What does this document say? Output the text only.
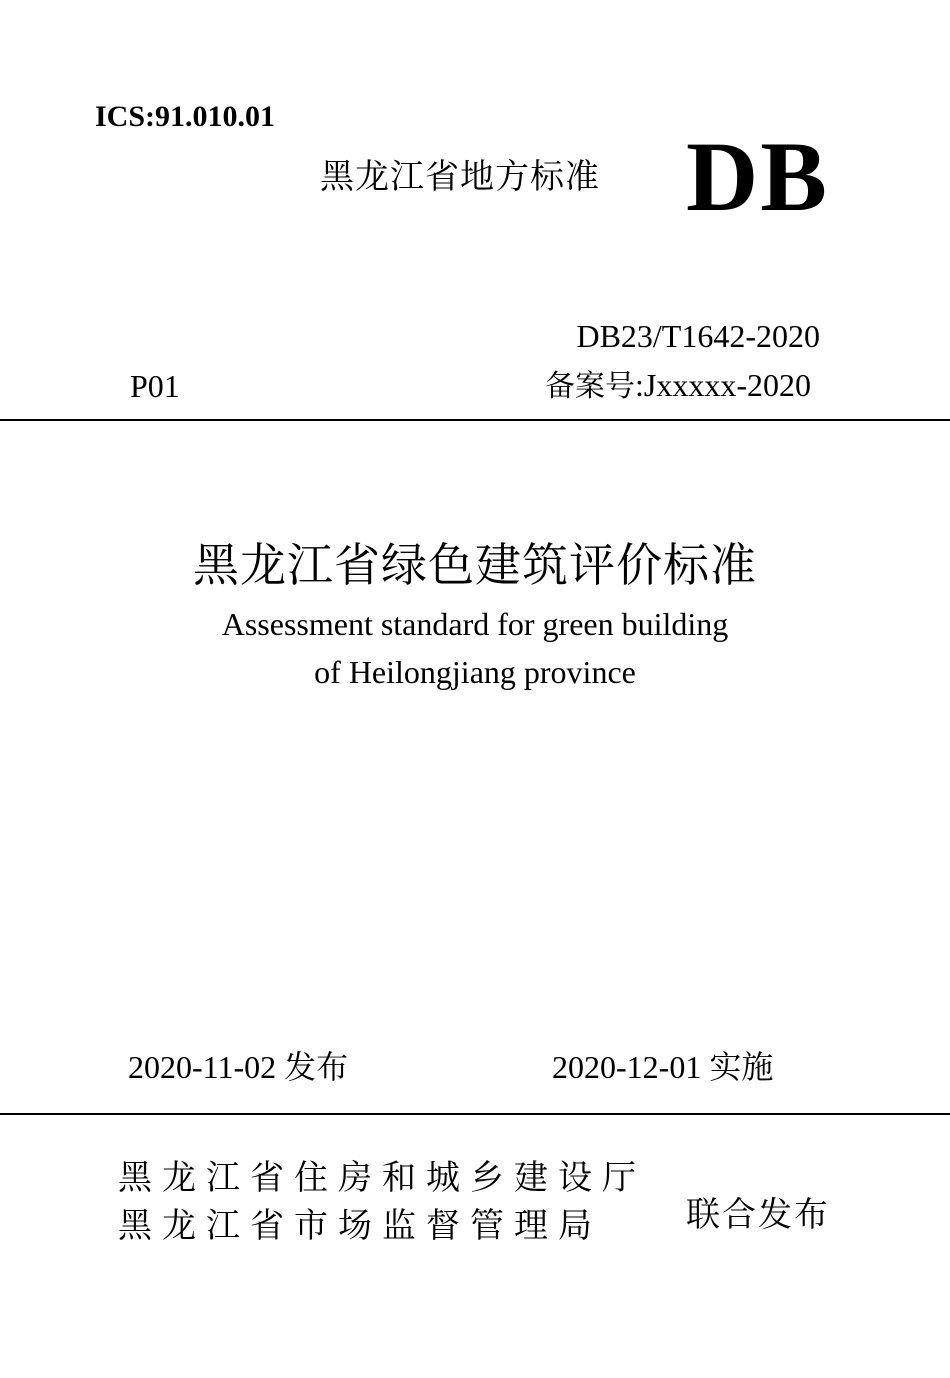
ICS:91.010.01
黑龙江省地方标准 DB
DB23/T1642-2020
P01	备案号:Jxxxxx-2020
黑龙江省绿色建筑评价标准
Assessment standard for green building
of Heilongjiang province
2020-11-02 发布	2020-12-01 实施
黑龙江省住房和城乡建设厅
黑龙江省市场监督管理局 联合发布
